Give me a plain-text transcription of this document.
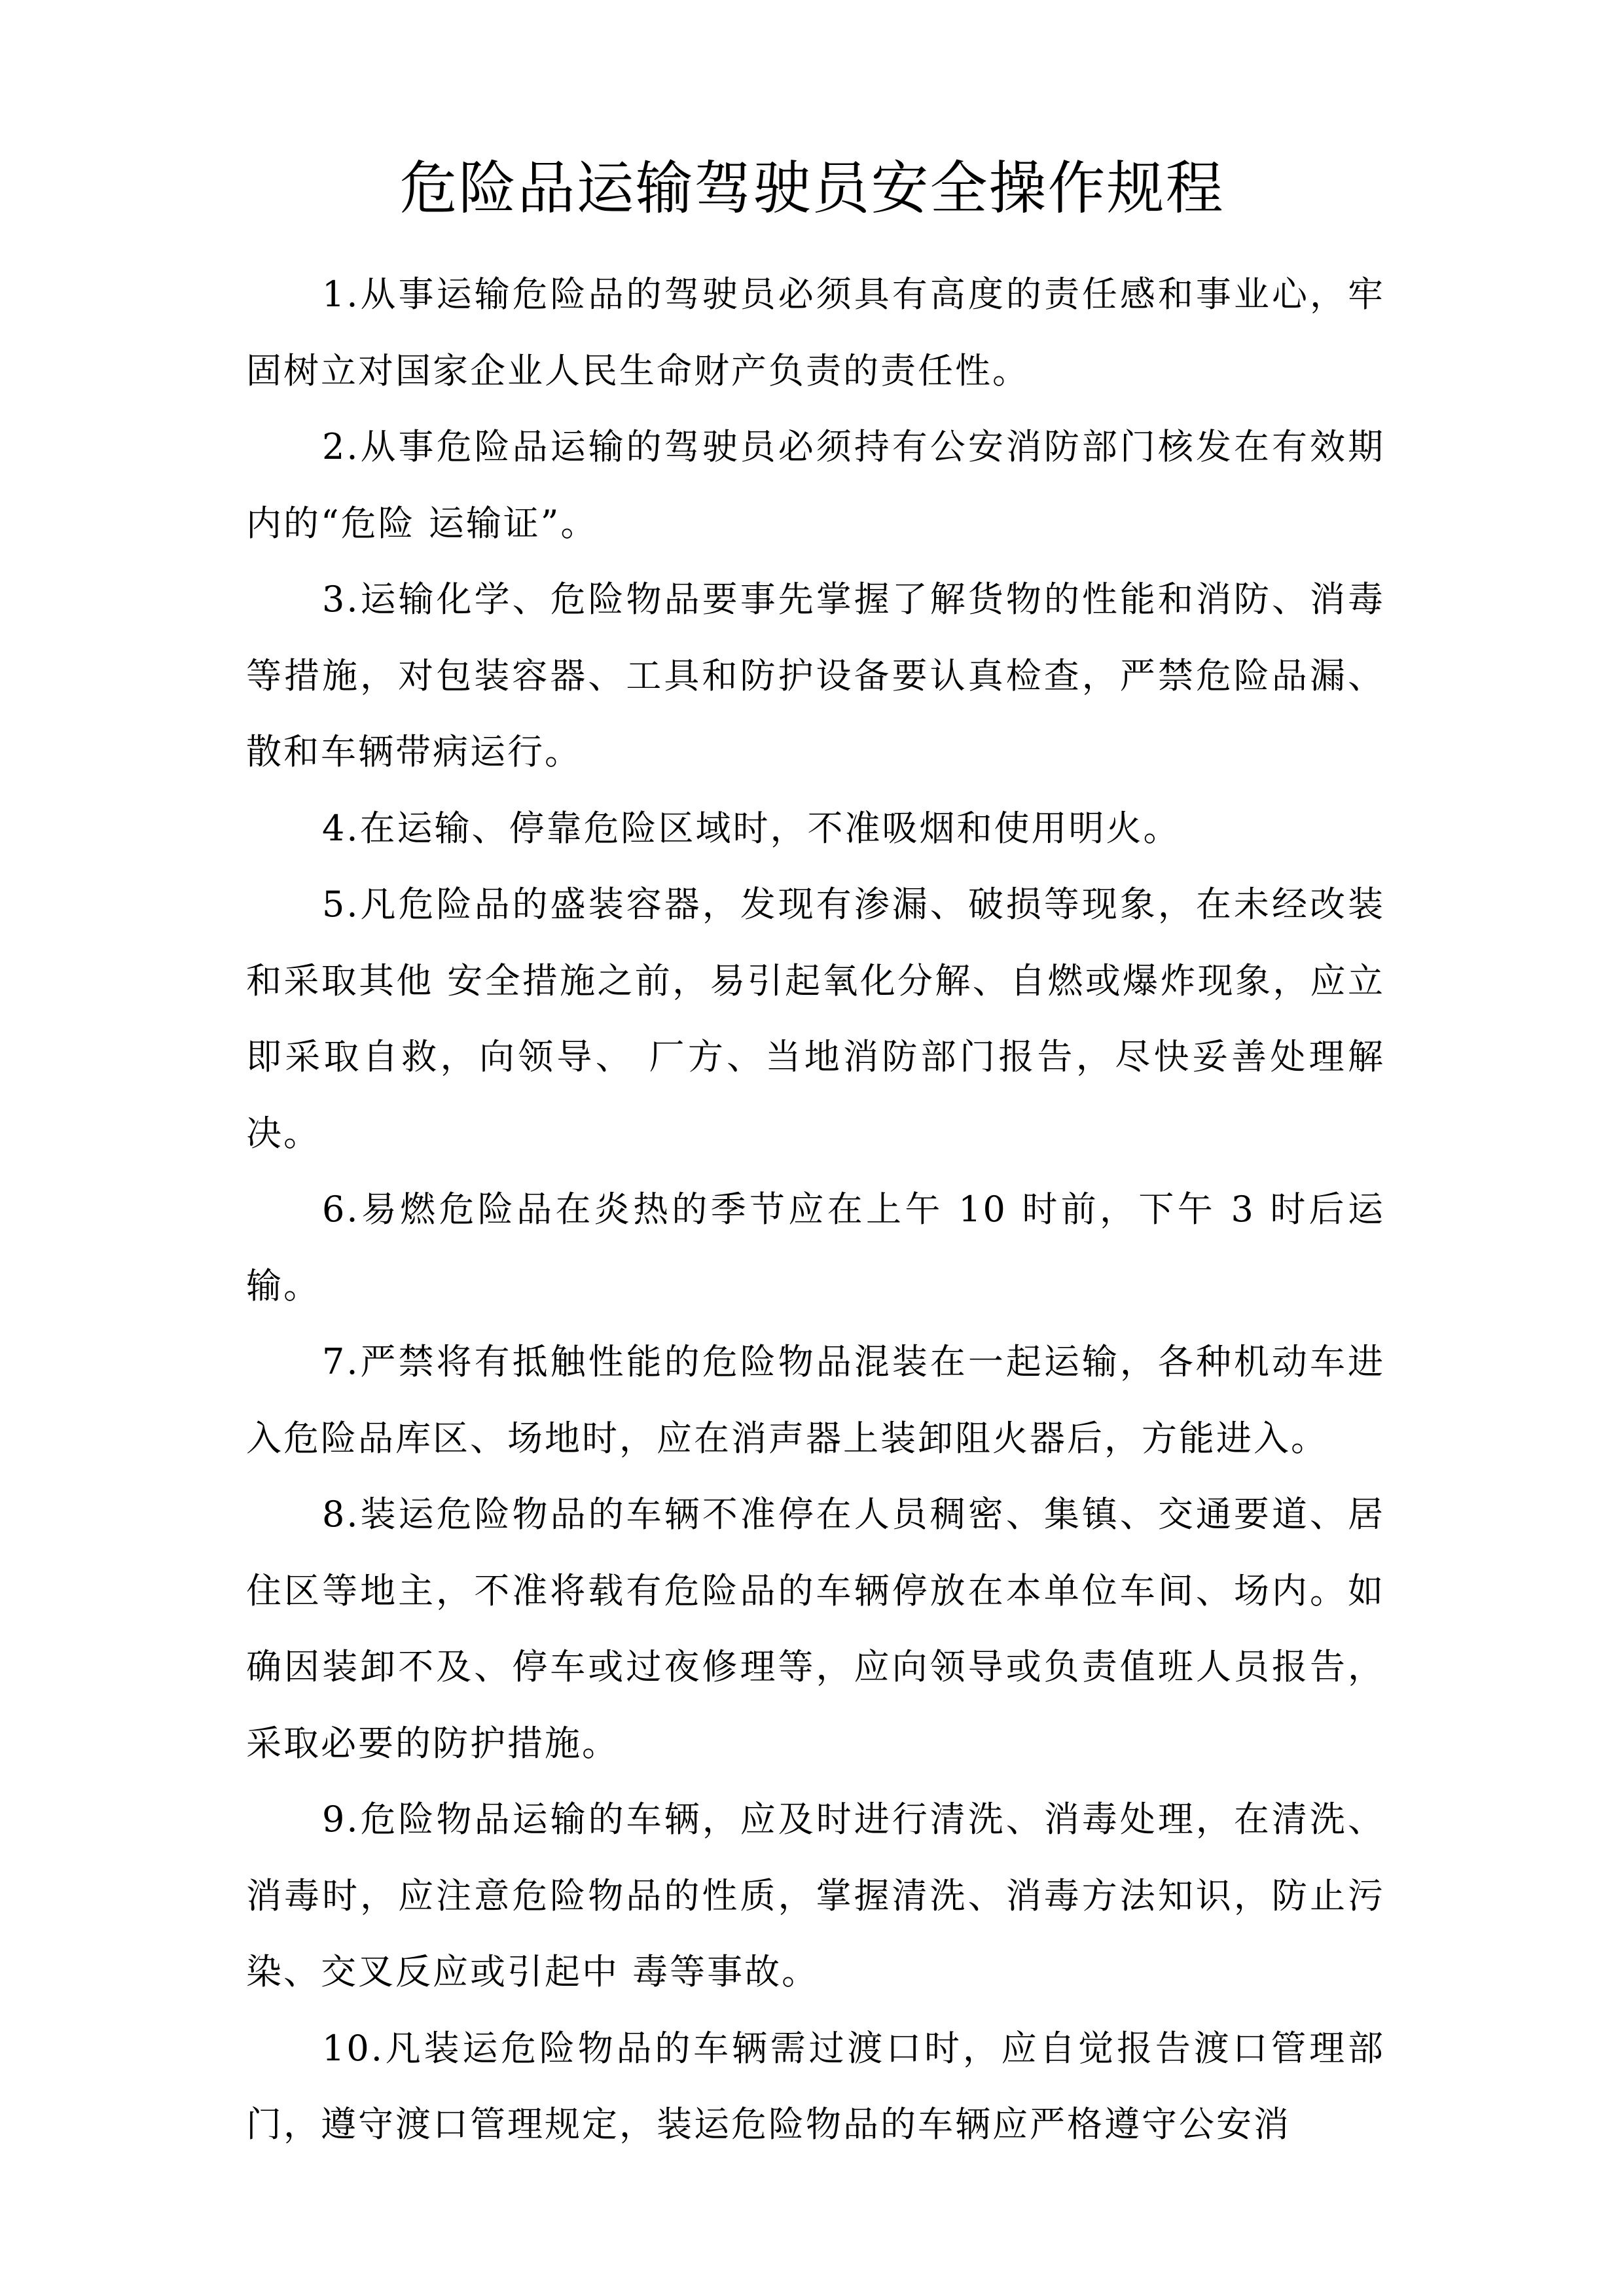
危险品运输驾驶员安全操作规程

1.从事运输危险品的驾驶员必须具有高度的责任感和事业心，牢固树立对国家企业人民生命财产负责的责任性。

2.从事危险品运输的驾驶员必须持有公安消防部门核发在有效期内的“危险 运输证”。

3.运输化学、危险物品要事先掌握了解货物的性能和消防、消毒等措施，对包装容器、工具和防护设备要认真检查，严禁危险品漏、散和车辆带病运行。

4.在运输、停靠危险区域时，不准吸烟和使用明火。

5.凡危险品的盛装容器，发现有渗漏、破损等现象，在未经改装和采取其他 安全措施之前，易引起氧化分解、自燃或爆炸现象，应立即采取自救，向领导、 厂方、当地消防部门报告，尽快妥善处理解决。

6.易燃危险品在炎热的季节应在上午 10 时前，下午 3 时后运输。

7.严禁将有抵触性能的危险物品混装在一起运输，各种机动车进入危险品库区、场地时，应在消声器上装卸阻火器后，方能进入。

8.装运危险物品的车辆不准停在人员稠密、集镇、交通要道、居住区等地主，不准将载有危险品的车辆停放在本单位车间、场内。如确因装卸不及、停车或过夜修理等，应向领导或负责值班人员报告，采取必要的防护措施。

9.危险物品运输的车辆，应及时进行清洗、消毒处理，在清洗、消毒时，应注意危险物品的性质，掌握清洗、消毒方法知识，防止污染、交叉反应或引起中 毒等事故。

10.凡装运危险物品的车辆需过渡口时，应自觉报告渡口管理部门，遵守渡口管理规定，装运危险物品的车辆应严格遵守公安消
